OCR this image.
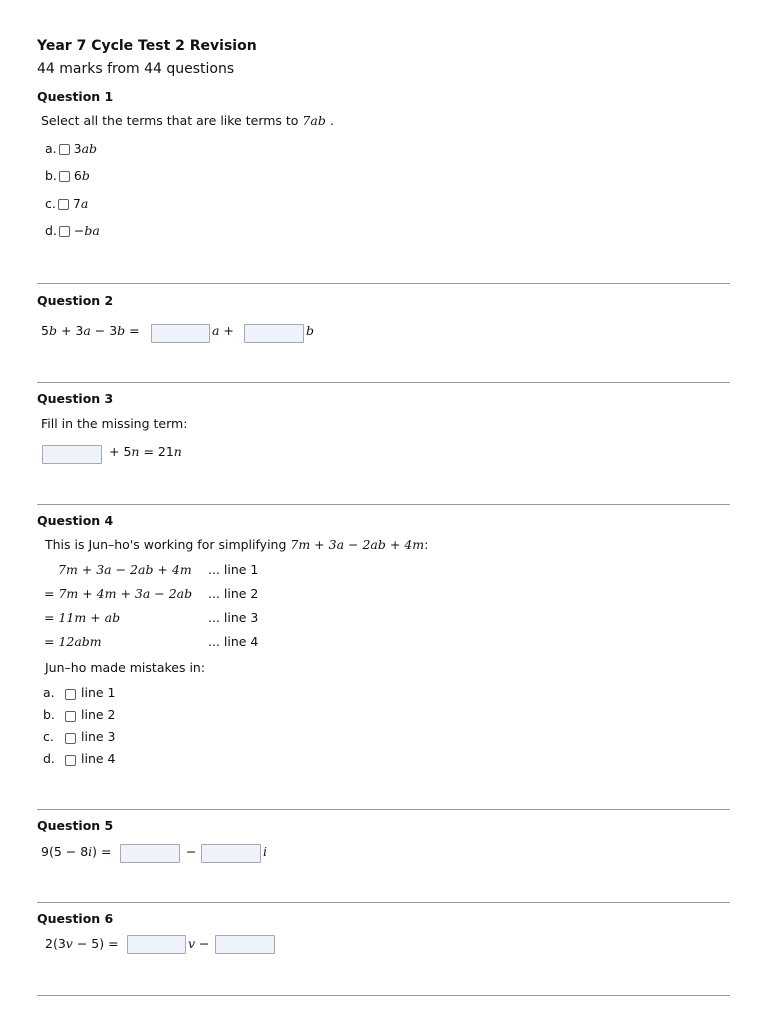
Year 7 Cycle Test 2 Revision
44 marks from 44 questions
Question 1
Select all the terms that are like terms to 7ab .
a. 3 ab
b. 6 b
c. 7 a
d. − ba
Question 2
5b + 3a − 3b =	a +	b
Question 3
Fill in the missing term:
+ 5n = 21n
Question 4
This is Jun–ho's working for simplifying 7m + 3a − 2ab + 4m:
7m + 3a − 2ab + 4m ... line 1
= 7m + 4m + 3a − 2ab ... line 2
= 11m + ab	... line 3
= 12abm	... line 4
Jun–ho made mistakes in:
a. line 1
b. line 2
c. line 3
d. line 4
Question 5
9(5 − 8i) =	−	i
Question 6
2(3v − 5) =	v −
